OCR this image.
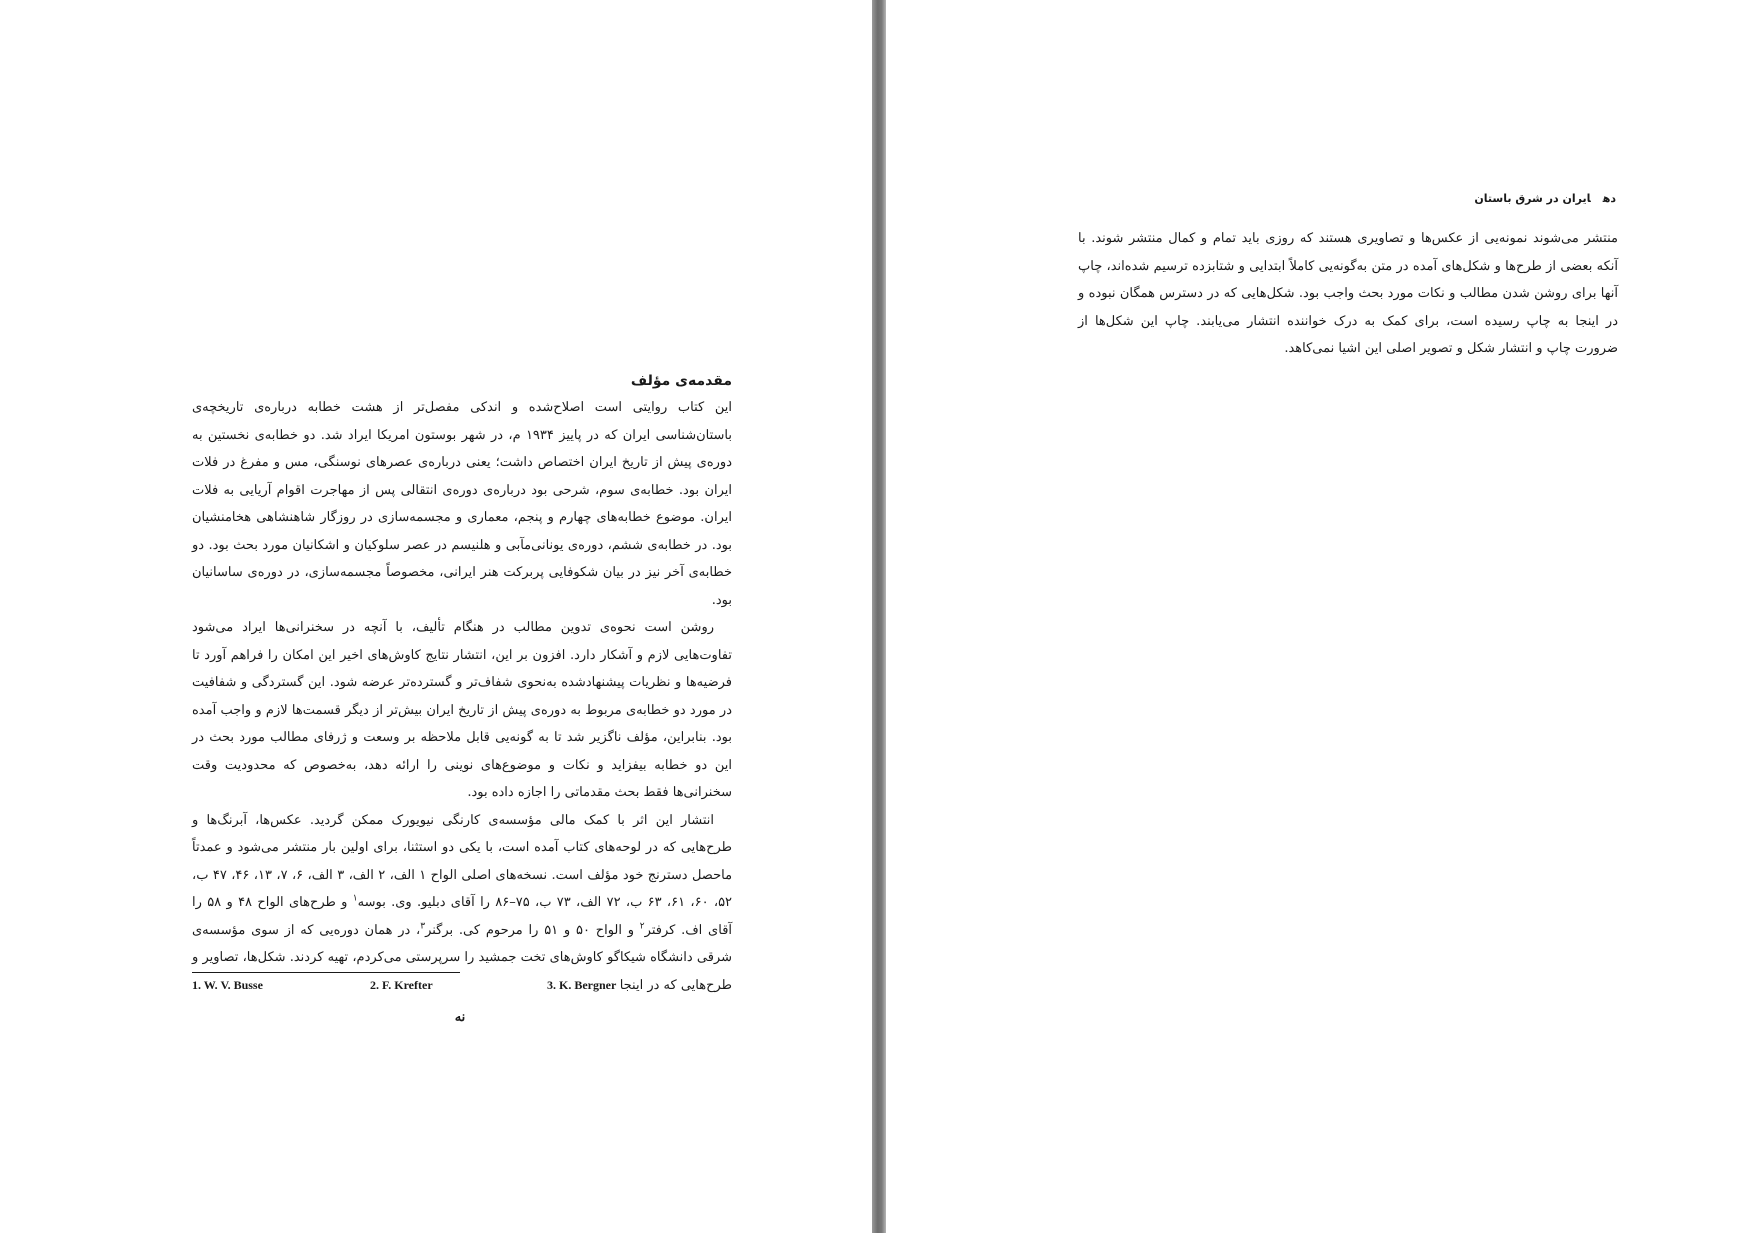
مقدمه‌ی مؤلف

این کتاب روایتی است اصلاح‌شده و اندکی مفصل‌تر از هشت خطابه درباره‌ی تاریخچه‌ی باستان‌شناسی ایران که در پاییز ۱۹۳۴ م، در شهر بوستون امریکا ایراد شد. دو خطابه‌ی نخستین به دوره‌ی پیش از تاریخ ایران اختصاص داشت؛ یعنی درباره‌ی عصرهای نوسنگی، مس و مفرغ در فلات ایران بود. خطابه‌ی سوم، شرحی بود درباره‌ی دوره‌ی انتقالی پس از مهاجرت اقوام آریایی به فلات ایران. موضوع خطابه‌های چهارم و پنجم، معماری و مجسمه‌سازی در روزگار شاهنشاهی هخامنشیان بود. در خطابه‌ی ششم، دوره‌ی یونانی‌مآبی و هلنیسم در عصر سلوکیان و اشکانیان مورد بحث بود. دو خطابه‌ی آخر نیز در بیان شکوفایی پربرکت هنر ایرانی، مخصوصاً مجسمه‌سازی، در دوره‌ی ساسانیان بود.

روشن است نحوه‌ی تدوین مطالب در هنگام تألیف، با آنچه در سخنرانی‌ها ایراد می‌شود تفاوت‌هایی لازم و آشکار دارد. افزون بر این، انتشار نتایج کاوش‌های اخیر این امکان را فراهم آورد تا فرضیه‌ها و نظریات پیشنهادشده به‌نحوی شفاف‌تر و گسترده‌تر عرضه شود. این گستردگی و شفافیت در مورد دو خطابه‌ی مربوط به دوره‌ی پیش از تاریخ ایران بیش‌تر از دیگر قسمت‌ها لازم و واجب آمده بود. بنابراین، مؤلف ناگزیر شد تا به گونه‌یی قابل ملاحظه بر وسعت و ژرفای مطالب مورد بحث در این دو خطابه بیفزاید و نکات و موضوع‌های نوینی را ارائه دهد، به‌خصوص که محدودیت وقت سخنرانی‌ها فقط بحث مقدماتی را اجازه داده بود.

انتشار این اثر با کمک مالی مؤسسه‌ی کارنگی نیویورک ممکن گردید. عکس‌ها، آبرنگ‌ها و طرح‌هایی که در لوحه‌های کتاب آمده است، با یکی دو استثنا، برای اولین بار منتشر می‌شود و عمدتاً ماحصل دسترنج خود مؤلف است. نسخه‌های اصلی الواح ۱ الف، ۲ الف، ۳ الف، ۶، ۷، ۱۳، ۴۶، ۴۷ ب، ۵۲، ۶۰، ۶۱، ۶۳ ب، ۷۲ الف، ۷۳ ب، ۷۵–۸۶ را آقای دبلیو. وی. بوسه$^۱$ و طرح‌های الواح ۴۸ و ۵۸ را آقای اف. کرفتر$^۲$ و الواح ۵۰ و ۵۱ را مرحوم کی. برگنر$^۳$، در همان دوره‌یی که از سوی مؤسسه‌ی شرقی دانشگاه شیکاگو کاوش‌های تخت جمشید را سرپرستی می‌کردم، تهیه کردند. شکل‌ها، تصاویر و طرح‌هایی که در اینجا

1. W. V. Busse	2. F. Krefter	3. K. Bergner
نه
دهایران در شرق باستان

منتشر می‌شوند نمونه‌یی از عکس‌ها و تصاویری هستند که روزی باید تمام و کمال منتشر شوند. با آنکه بعضی از طرح‌ها و شکل‌های آمده در متن به‌گونه‌یی کاملاً ابتدایی و شتابزده ترسیم شده‌اند، چاپ آنها برای روشن شدن مطالب و نکات مورد بحث واجب بود. شکل‌هایی که در دسترس همگان نبوده و در اینجا به چاپ رسیده است، برای کمک به درک خواننده انتشار می‌یابند. چاپ این شکل‌ها از ضرورت چاپ و انتشار شکل و تصویر اصلی این اشیا نمی‌کاهد.
